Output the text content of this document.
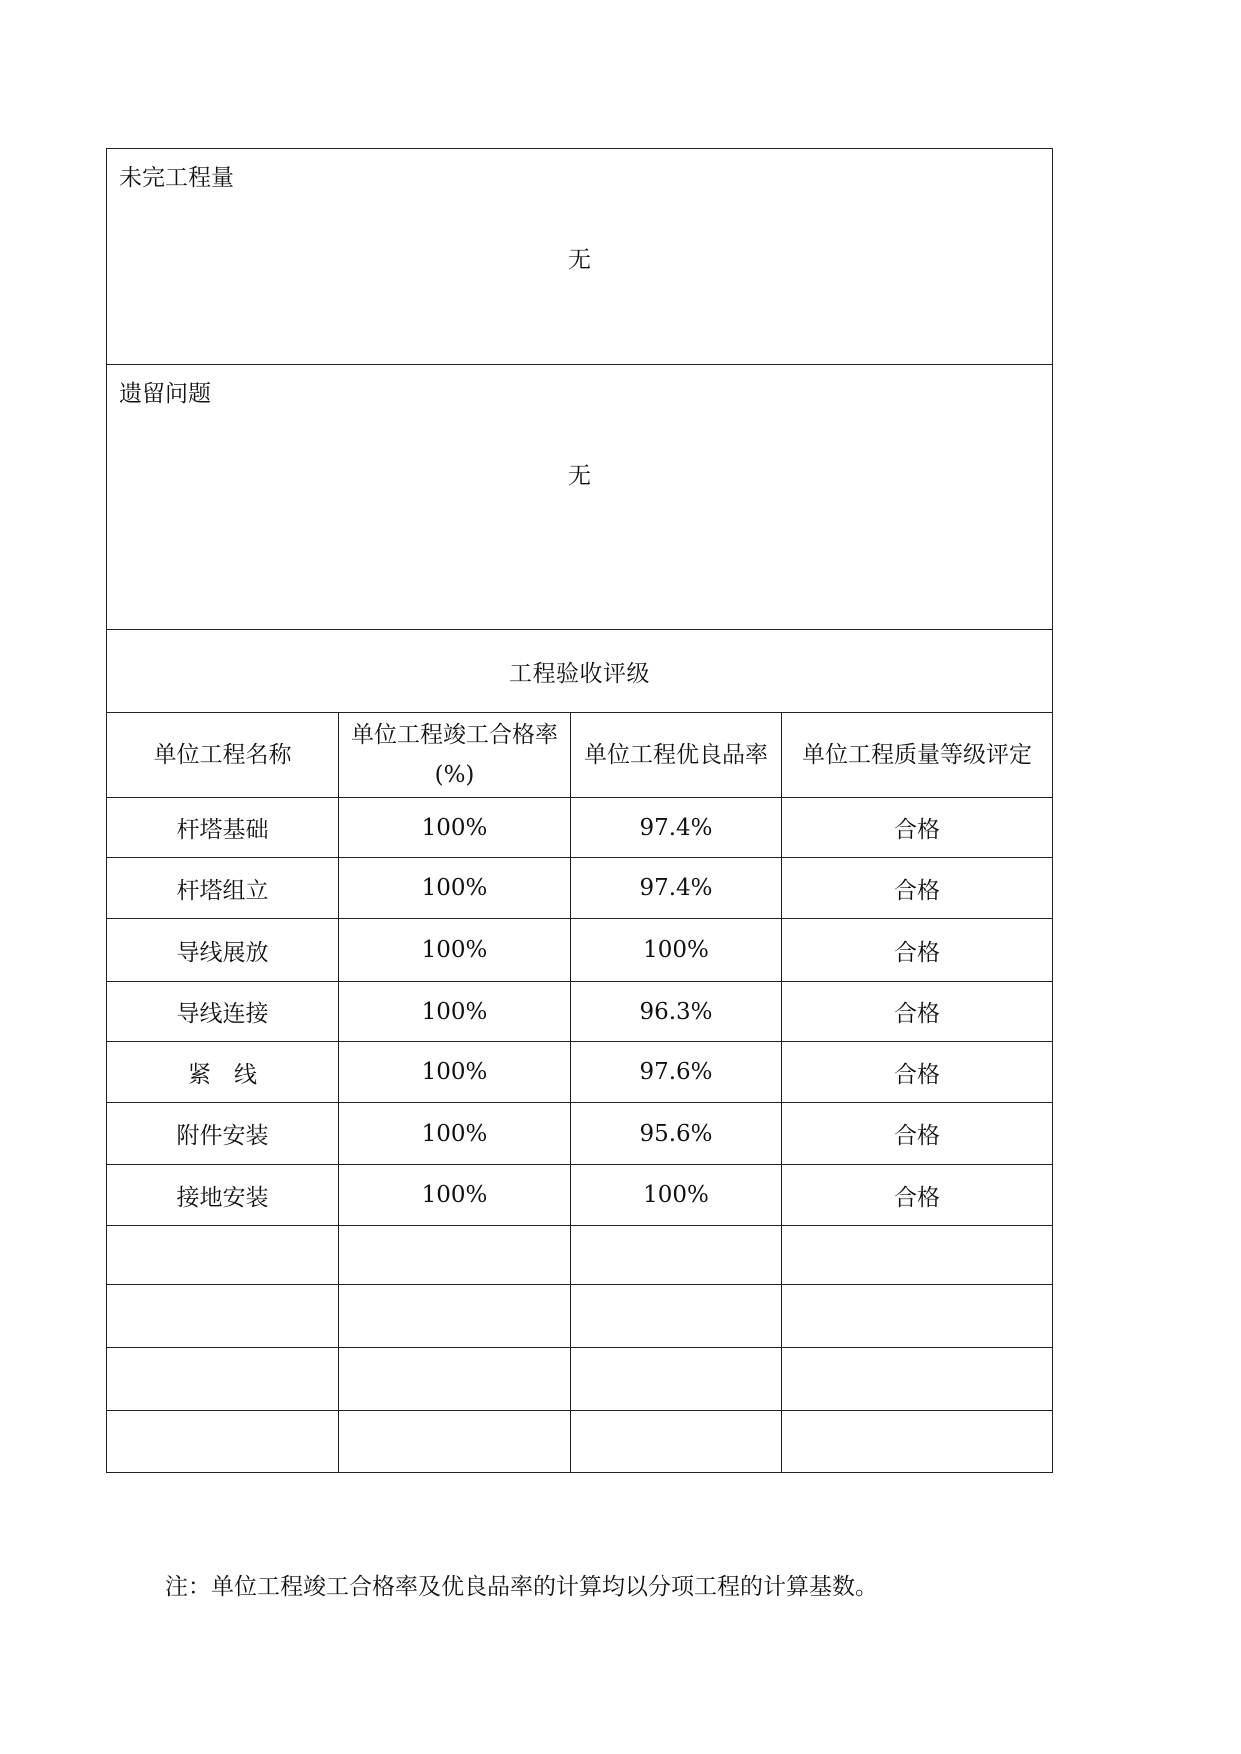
未完工程量
无			

遗留问题
无			

工程验收评级			
单位工程名称	单位工程竣工合格率(%)	单位工程优良品率	单位工程质量等级评定
杆塔基础	100%	97.4%	合格
杆塔组立	100%	97.4%	合格
导线展放	100%	100%	合格
导线连接	100%	96.3%	合格
紧　线	100%	97.6%	合格
附件安装	100%	95.6%	合格
接地安装	100%	100%	合格

注：单位工程竣工合格率及优良品率的计算均以分项工程的计算基数。
